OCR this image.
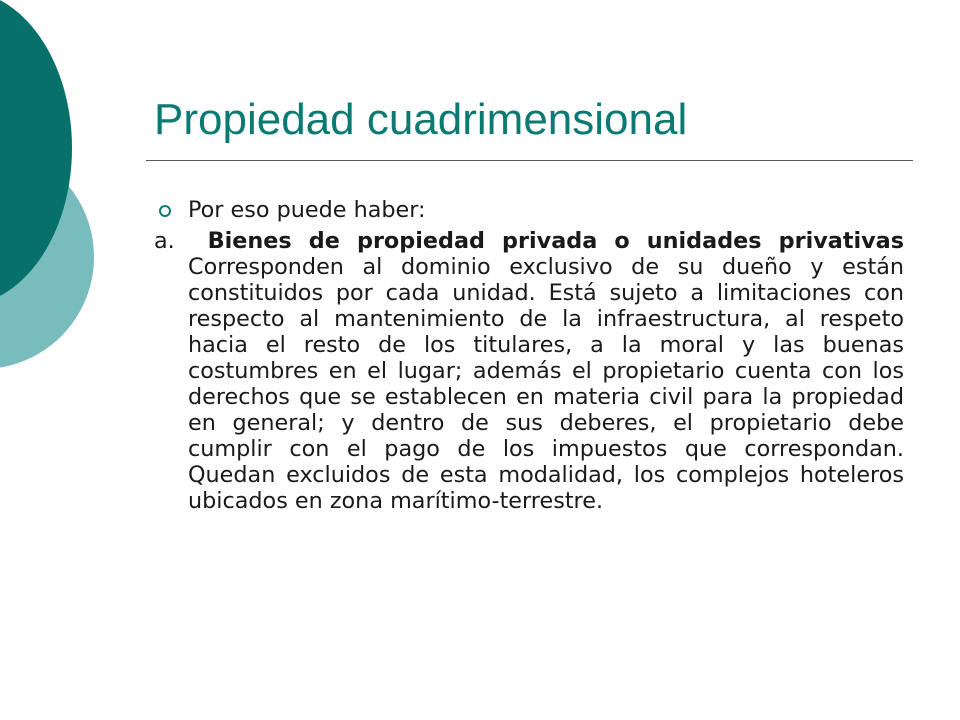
Propiedad cuadrimensional
Por eso puede haber:
a.  Bienes de propiedad privada o unidades privativas Corresponden al dominio exclusivo de su dueño y están constituidos por cada unidad. Está sujeto a limitaciones con respecto al mantenimiento de la infraestructura, al respeto hacia el resto de los titulares, a la moral y las buenas costumbres en el lugar; además el propietario cuenta con los derechos que se establecen en materia civil para la propiedad en general; y dentro de sus deberes, el propietario debe cumplir con el pago de los impuestos que correspondan. Quedan excluidos de esta modalidad, los complejos hoteleros ubicados en zona marítimo-terrestre.
